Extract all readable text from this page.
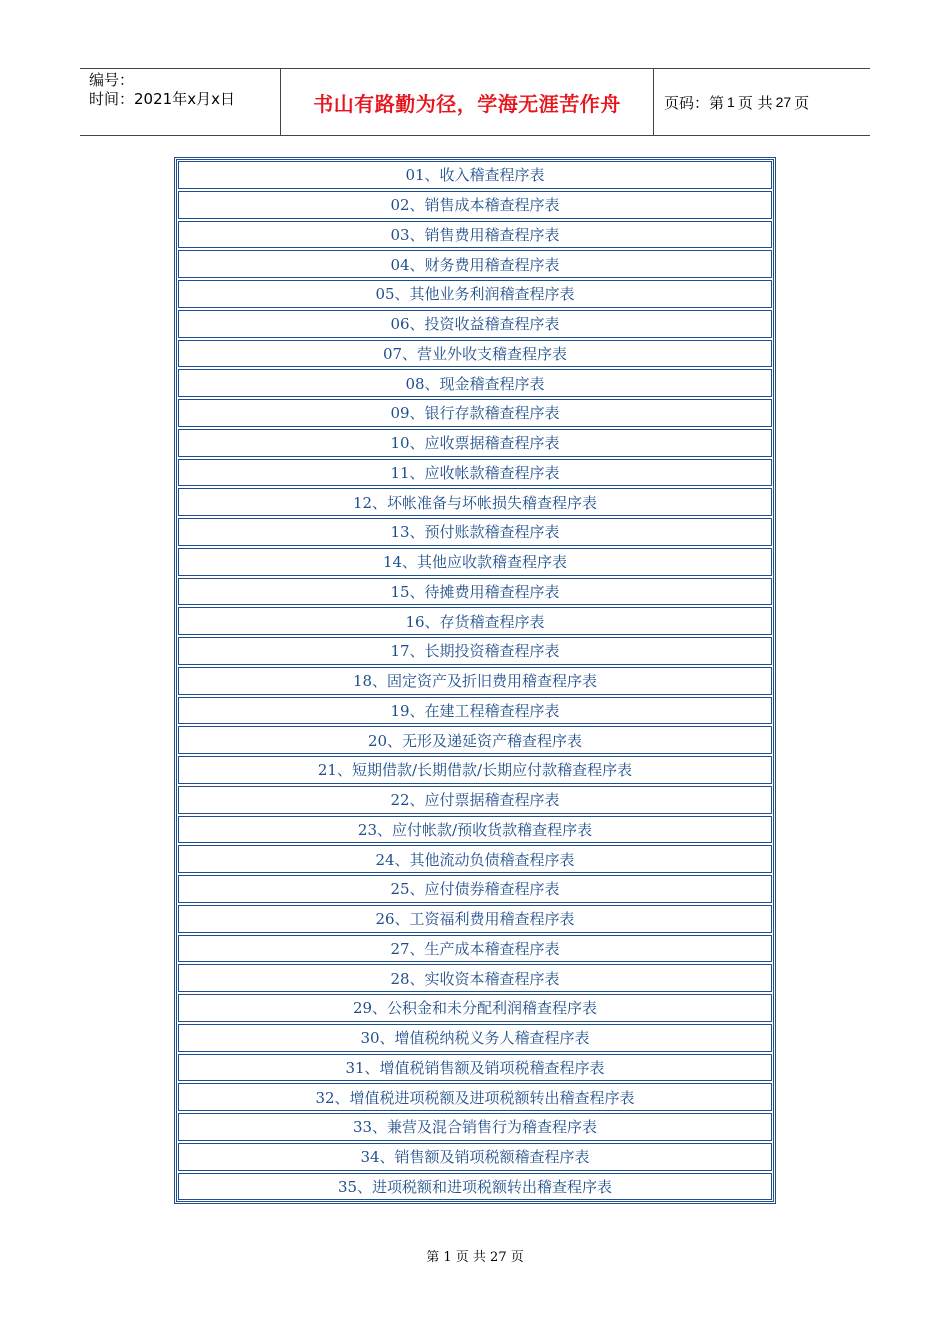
编号：
时间：2021年x月x日	书山有路勤为径，学海无涯苦作舟	页码：第 1 页 共 27 页
01、收入稽查程序表
02、销售成本稽查程序表
03、销售费用稽查程序表
04、财务费用稽查程序表
05、其他业务利润稽查程序表
06、投资收益稽查程序表
07、营业外收支稽查程序表
08、现金稽查程序表
09、银行存款稽查程序表
10、应收票据稽查程序表
11、应收帐款稽查程序表
12、坏帐准备与坏帐损失稽查程序表
13、预付账款稽查程序表
14、其他应收款稽查程序表
15、待摊费用稽查程序表
16、存货稽查程序表
17、长期投资稽查程序表
18、固定资产及折旧费用稽查程序表
19、在建工程稽查程序表
20、无形及递延资产稽查程序表
21、短期借款/长期借款/长期应付款稽查程序表
22、应付票据稽查程序表
23、应付帐款/预收货款稽查程序表
24、其他流动负债稽查程序表
25、应付债券稽查程序表
26、工资福利费用稽查程序表
27、生产成本稽查程序表
28、实收资本稽查程序表
29、公积金和未分配利润稽查程序表
30、增值税纳税义务人稽查程序表
31、增值税销售额及销项税稽查程序表
32、增值税进项税额及进项税额转出稽查程序表
33、兼营及混合销售行为稽查程序表
34、销售额及销项税额稽查程序表
35、进项税额和进项税额转出稽查程序表
第 1 页 共 27 页
